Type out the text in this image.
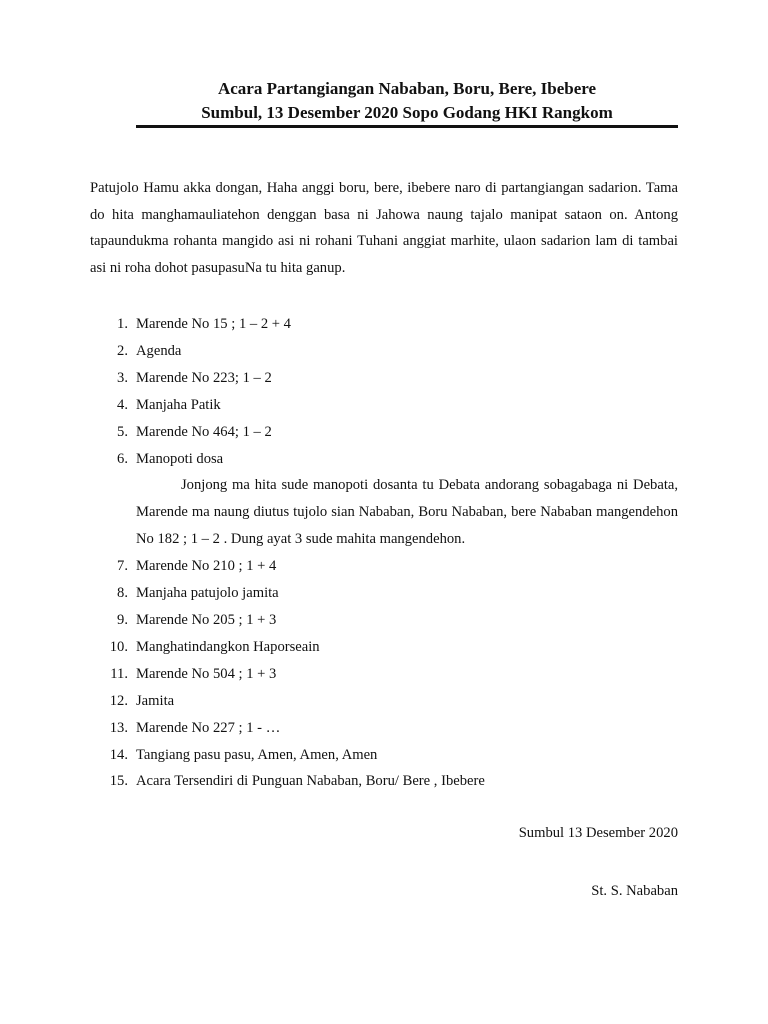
Acara Partangiangan Nababan, Boru, Bere, Ibebere
Sumbul, 13 Desember 2020 Sopo Godang HKI Rangkom

Patujolo Hamu akka dongan, Haha anggi boru, bere, ibebere naro di partangiangan sadarion. Tama do hita manghamauliatehon denggan basa ni Jahowa naung tajalo manipat sataon on. Antong tapaundukma rohanta mangido asi ni rohani Tuhani anggiat marhite, ulaon sadarion lam di tambai asi ni roha dohot pasupasuNa tu hita ganup.

1. Marende No 15 ; 1 – 2 + 4
2. Agenda
3. Marende No 223; 1 – 2
4. Manjaha Patik
5. Marende No 464; 1 – 2
6. Manopoti dosa
Jonjong ma hita sude manopoti dosanta tu Debata andorang sobagabaga ni Debata, Marende ma naung diutus tujolo sian Nababan, Boru Nababan, bere Nababan mangendehon No 182 ; 1 – 2 . Dung ayat 3 sude mahita mangendehon.
7. Marende No 210 ; 1 + 4
8. Manjaha patujolo jamita
9. Marende No 205 ; 1 + 3
10. Manghatindangkon Haporseain
11. Marende No 504 ; 1 + 3
12. Jamita
13. Marende No 227 ; 1 - …
14. Tangiang pasu pasu, Amen, Amen, Amen
15. Acara Tersendiri di Punguan Nababan, Boru/ Bere , Ibebere
Sumbul 13 Desember 2020
St. S. Nababan
